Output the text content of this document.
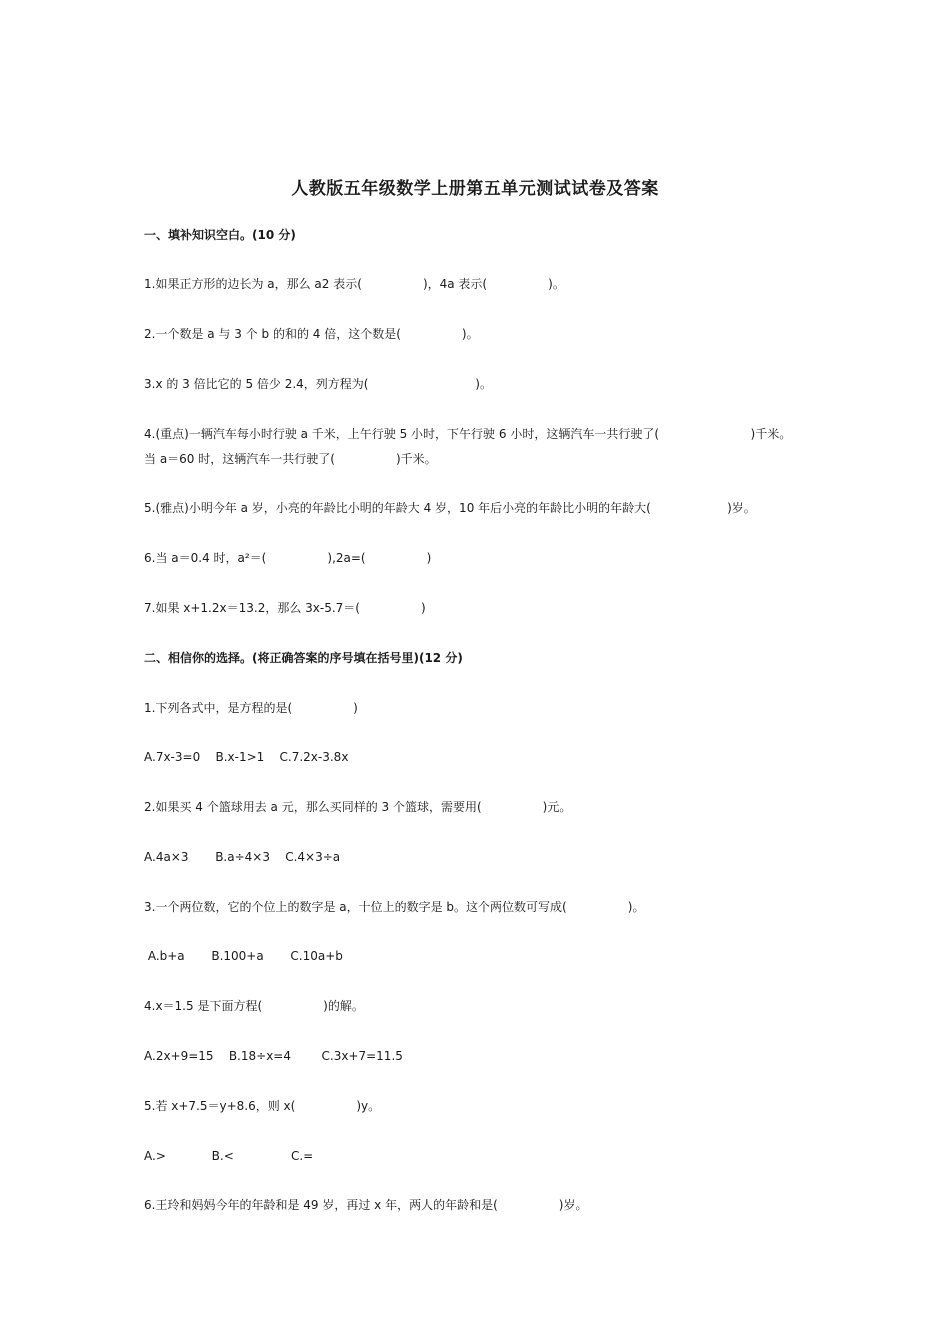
人教版五年级数学上册第五单元测试试卷及答案
一、填补知识空白。(10 分)
1.如果正方形的边长为 a，那么 a2 表示(                )，4a 表示(                )。
2.一个数是 a 与 3 个 b 的和的 4 倍，这个数是(                )。
3.x 的 3 倍比它的 5 倍少 2.4，列方程为(                            )。
4.(重点)一辆汽车每小时行驶 a 千米，上午行驶 5 小时，下午行驶 6 小时，这辆汽车一共行驶了(                        )千米。
当 a＝60 时，这辆汽车一共行驶了(                )千米。
5.(雅点)小明今年 a 岁，小亮的年龄比小明的年龄大 4 岁，10 年后小亮的年龄比小明的年龄大(                    )岁。
6.当 a＝0.4 时，a²＝(                ),2a=(                )
7.如果 x+1.2x＝13.2，那么 3x-5.7＝(                )
二、相信你的选择。(将正确答案的序号填在括号里)(12 分)
1.下列各式中，是方程的是(                )
A.7x-3=0    B.x-1>1    C.7.2x-3.8x
2.如果买 4 个篮球用去 a 元，那么买同样的 3 个篮球，需要用(                )元。
A.4a×3       B.a÷4×3    C.4×3÷a
3.一个两位数，它的个位上的数字是 a，十位上的数字是 b。这个两位数可写成(                )。
A.b+a       B.100+a       C.10a+b
4.x＝1.5 是下面方程(                )的解。
A.2x+9=15    B.18÷x=4        C.3x+7=11.5
5.若 x+7.5＝y+8.6，则 x(                )y。
A.>            B.<               C.=
6.王玲和妈妈今年的年龄和是 49 岁，再过 x 年，两人的年龄和是(                )岁。
